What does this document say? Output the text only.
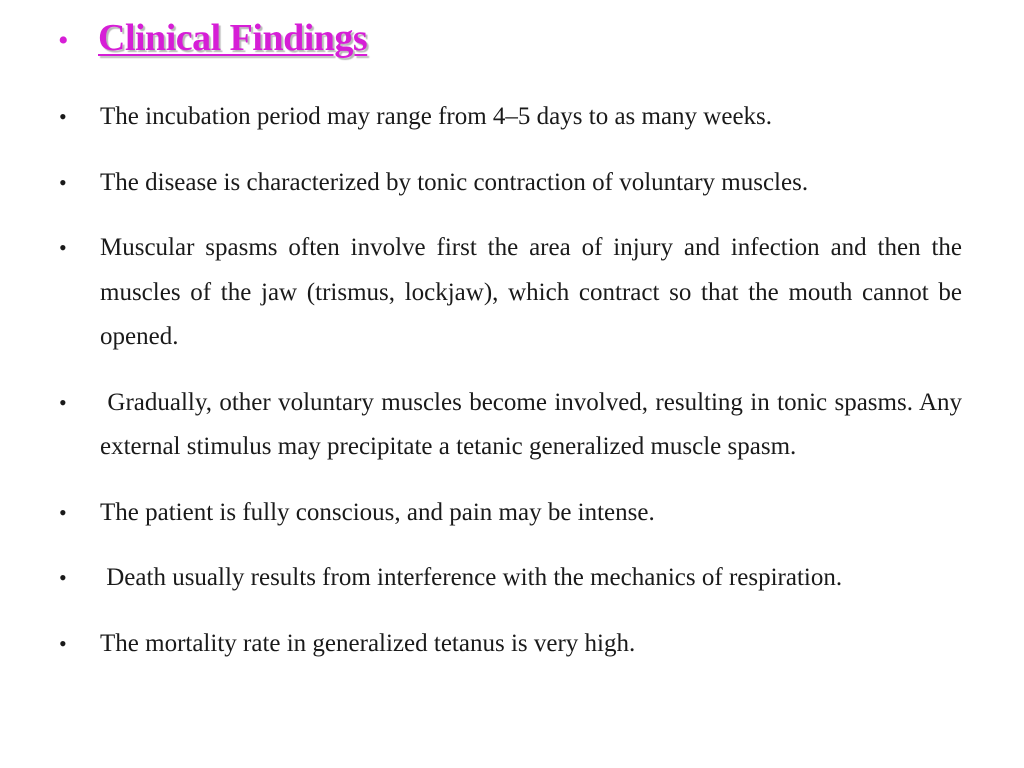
• Clinical Findings
•	The incubation period may range from 4–5 days to as many weeks.
•	The disease is characterized by tonic contraction of voluntary muscles.
•	Muscular spasms often involve first the area of injury and infection and then the muscles of the jaw (trismus, lockjaw), which contract so that the mouth cannot be opened.
•	Gradually, other voluntary muscles become involved, resulting in tonic spasms. Any external stimulus may precipitate a tetanic generalized muscle spasm.
•	The patient is fully conscious, and pain may be intense.
•	Death usually results from interference with the mechanics of respiration.
•	The mortality rate in generalized tetanus is very high.
